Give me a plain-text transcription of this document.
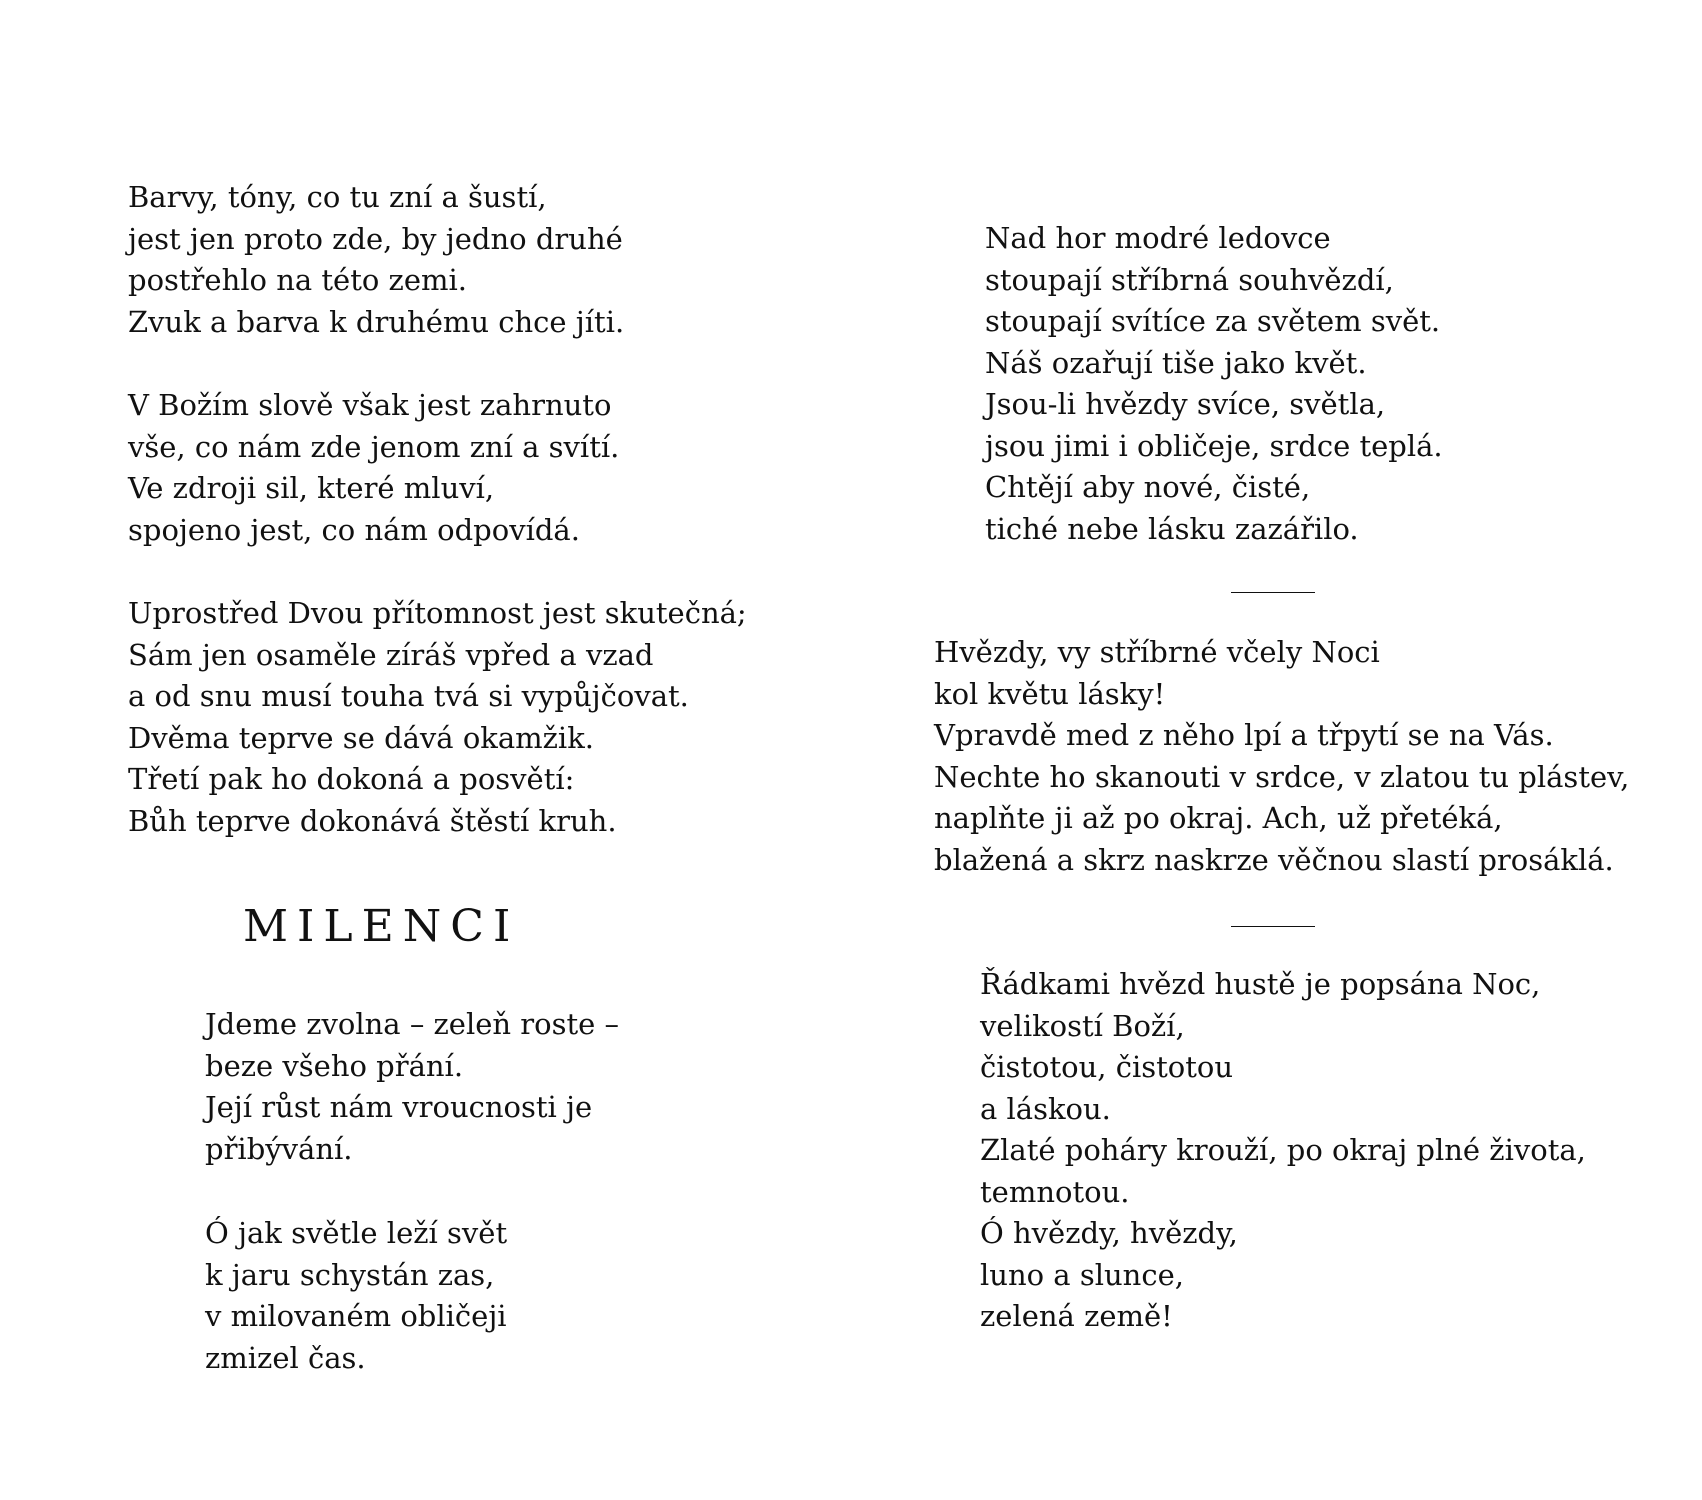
Barvy, tóny, co tu zní a šustí,
jest jen proto zde, by jedno druhé
postřehlo na této zemi.
Zvuk a barva k druhému chce jíti.
V Božím slově však jest zahrnuto
vše, co nám zde jenom zní a svítí.
Ve zdroji sil, které mluví,
spojeno jest, co nám odpovídá.
Uprostřed Dvou přítomnost jest skutečná;
Sám jen osaměle zíráš vpřed a vzad
a od snu musí touha tvá si vypůjčovat.
Dvěma teprve se dává okamžik.
Třetí pak ho dokoná a posvětí:
Bůh teprve dokonává štěstí kruh.
MILENCI
Jdeme zvolna – zeleň roste –
beze všeho přání.
Její růst nám vroucnosti je
přibývání.
Ó jak světle leží svět
k jaru schystán zas,
v milovaném obličeji
zmizel čas.
Nad hor modré ledovce
stoupají stříbrná souhvězdí,
stoupají svítíce za světem svět.
Náš ozařují tiše jako květ.
Jsou-li hvězdy svíce, světla,
jsou jimi i obličeje, srdce teplá.
Chtějí aby nové, čisté,
tiché nebe lásku zazářilo.
Hvězdy, vy stříbrné včely Noci
kol květu lásky!
Vpravdě med z něho lpí a třpytí se na Vás.
Nechte ho skanouti v srdce, v zlatou tu plástev,
naplňte ji až po okraj. Ach, už přetéká,
blažená a skrz naskrze věčnou slastí prosáklá.
Řádkami hvězd hustě je popsána Noc,
velikostí Boží,
čistotou, čistotou
a láskou.
Zlaté poháry krouží, po okraj plné života,
temnotou.
Ó hvězdy, hvězdy,
luno a slunce,
zelená země!
